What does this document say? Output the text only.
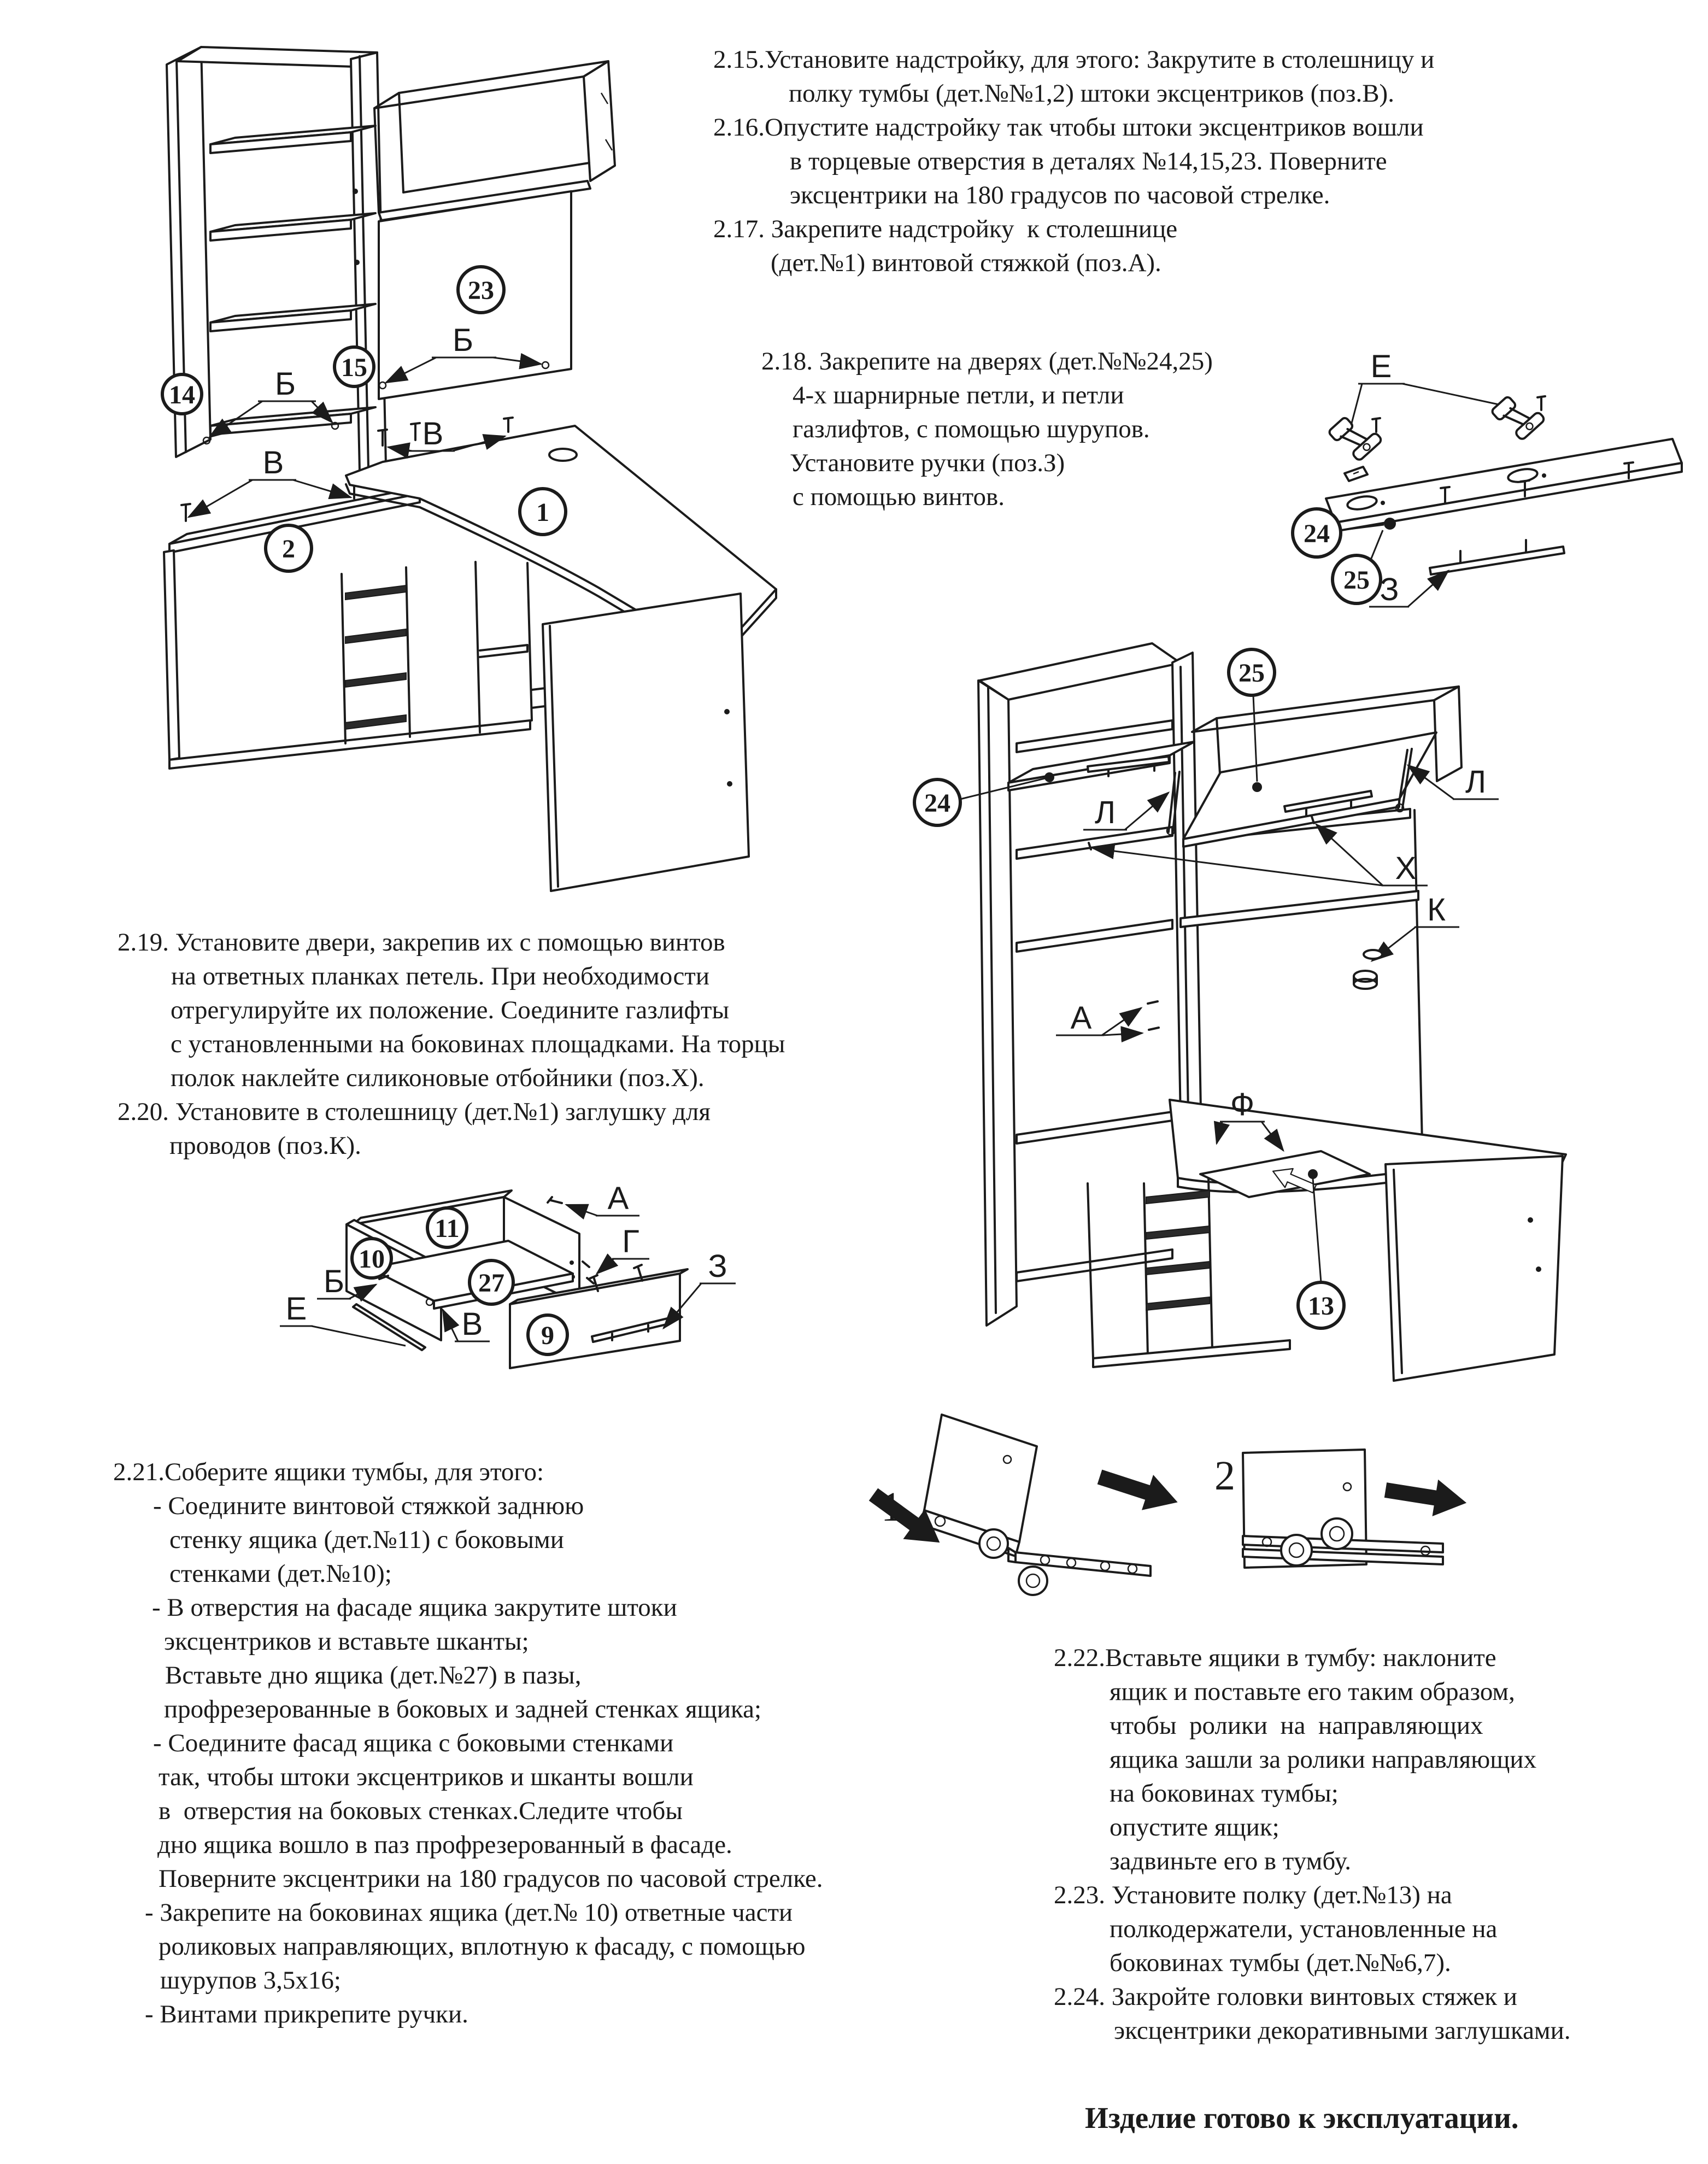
2.15.Установите надстройку, для этого: Закрутите в столешницу и
полку тумбы (дет.№№1,2) штоки эксцентриков (поз.В).
2.16.Опустите надстройку так чтобы штоки эксцентриков вошли
в торцевые отверстия в деталях №14,15,23. Поверните
эксцентрики на 180 градусов по часовой стрелке.
2.17. Закрепите надстройку  к столешнице
(дет.№1) винтовой стяжкой (поз.А).
2.18. Закрепите на дверях (дет.№№24,25)
4-х шарнирные петли, и петли
газлифтов, с помощью шурупов.
Установите ручки (поз.З)
с помощью винтов.
2.19. Установите двери, закрепив их с помощью винтов
на ответных планках петель. При необходимости
отрегулируйте их положение. Соедините газлифты
с установленными на боковинах площадками. На торцы
полок наклейте силиконовые отбойники (поз.Х).
2.20. Установите в столешницу (дет.№1) заглушку для
проводов (поз.К).
2.21.Соберите ящики тумбы, для этого:
- Соедините винтовой стяжкой заднюю
стенку ящика (дет.№11) с боковыми
стенками (дет.№10);
- В отверстия на фасаде ящика закрутите штоки
эксцентриков и вставьте шканты;
Вставьте дно ящика (дет.№27) в пазы,
профрезерованные в боковых и задней стенках ящика;
- Соедините фасад ящика с боковыми стенками
так, чтобы штоки эксцентриков и шканты вошли
в  отверстия на боковых стенках.Следите чтобы
дно ящика вошло в паз профрезерованный в фасаде.
Поверните эксцентрики на 180 градусов по часовой стрелке.
- Закрепите на боковинах ящика (дет.№ 10) ответные части
роликовых направляющих, вплотную к фасаду, с помощью
шурупов 3,5х16;
- Винтами прикрепите ручки.
2.22.Вставьте ящики в тумбу: наклоните
ящик и поставьте его таким образом,
чтобы  ролики  на  направляющих
ящика зашли за ролики направляющих
на боковинах тумбы;
опустите ящик;
задвиньте его в тумбу.
2.23. Установите полку (дет.№13) на
полкодержатели, установленные на
боковинах тумбы (дет.№№6,7).
2.24. Закройте головки винтовых стяжек и
эксцентрики декоративными заглушками.
Изделие готово к эксплуатации.
23
Б
15
14	Б
В
В
1
2
Е
24
25 З
25
24	Л
Л
Х
К
13
А
Ф
11
10
27
9
А
Г
Б
Е	В
З
2
